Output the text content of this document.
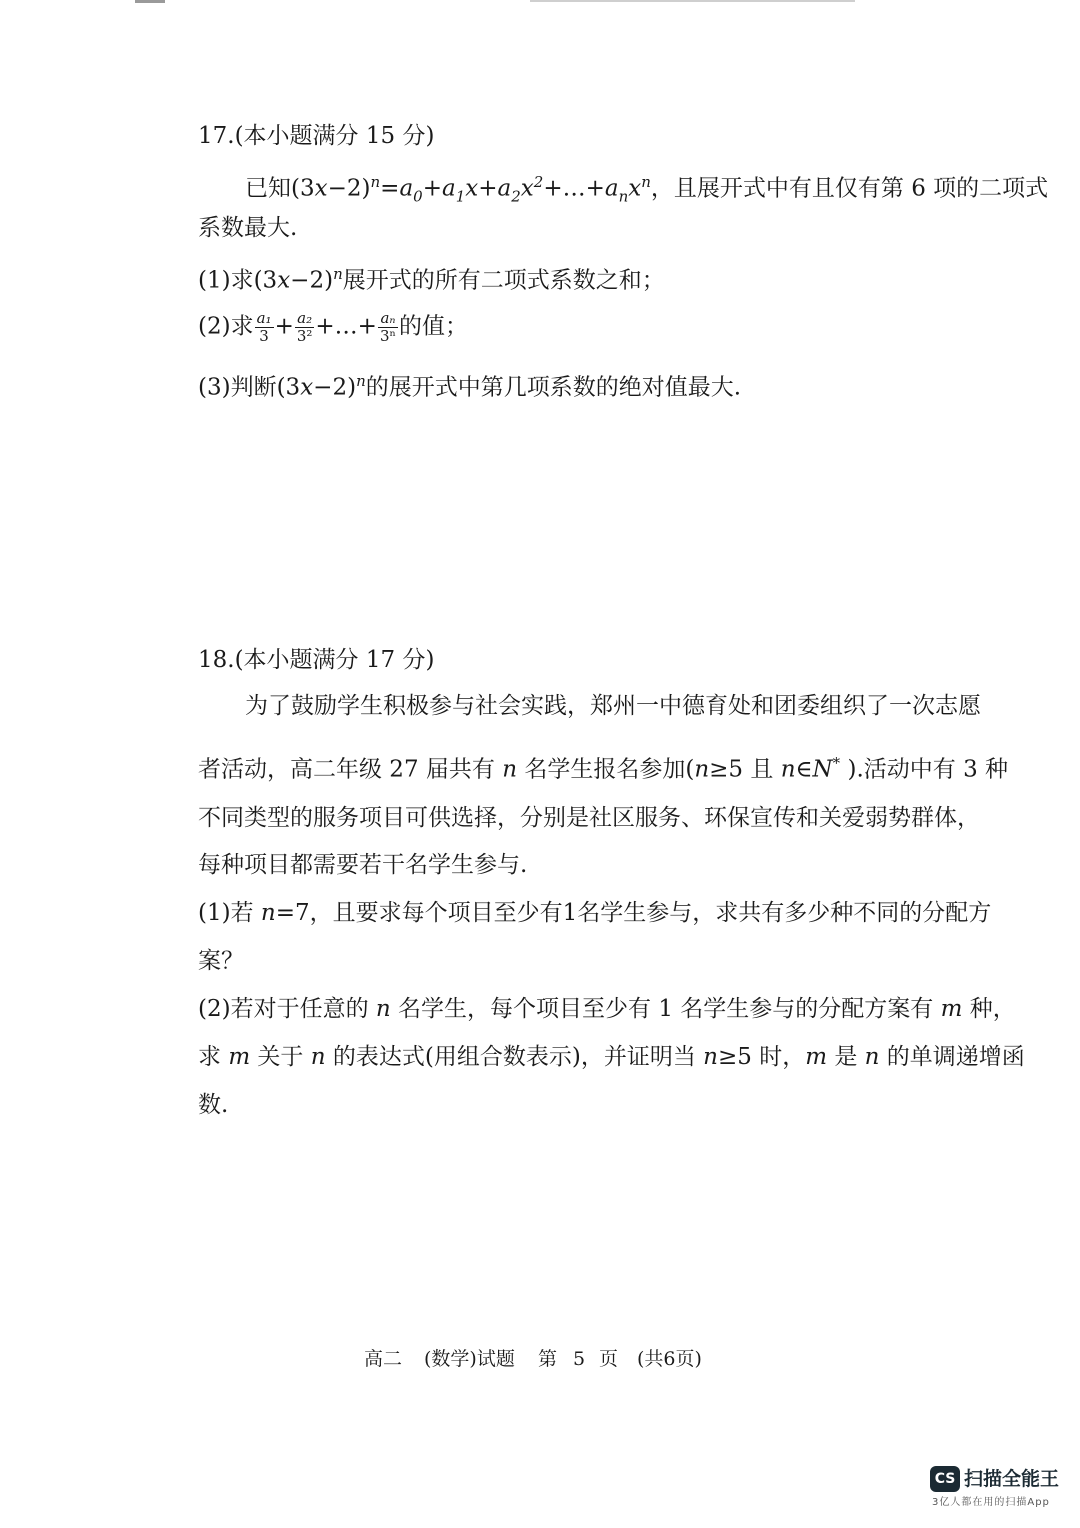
17.(本小题满分 15 分)
已知$(3x-2)^n=a_0+a_1x+a_2x^2+\dots+a_nx^n$，且展开式中有且仅有第 6 项的二项式
系数最大.
(1)求$(3x-2)^n$展开式的所有二项式系数之和；
(2)求 $\frac{\text{a₁}}{3} + \frac{\text{a₂}}{\text{3²}}$ +…+ $\frac{\text{aₙ}}{\text{3ⁿ}}$ 的值；
(3)判断$(3x-2)^n$的展开式中第几项系数的绝对值最大.
18.(本小题满分 17 分)
为了鼓励学生积极参与社会实践，郑州一中德育处和团委组织了一次志愿
者活动，高二年级 27 届共有 n 名学生报名参加(n≥5 且 n∈N* ).活动中有 3 种
不同类型的服务项目可供选择，分别是社区服务、环保宣传和关爱弱势群体，
每种项目都需要若干名学生参与.
(1)若 n=7，且要求每个项目至少有1名学生参与，求共有多少种不同的分配方
案？
(2)若对于任意的 n 名学生，每个项目至少有 1 名学生参与的分配方案有 m 种，
求 m 关于 n 的表达式(用组合数表示)，并证明当 n≥5 时，m 是 n 的单调递增函
数.
高二 (数学)试题 第 5 页 (共6页)
CS 扫描全能王
3亿人都在用的扫描App
